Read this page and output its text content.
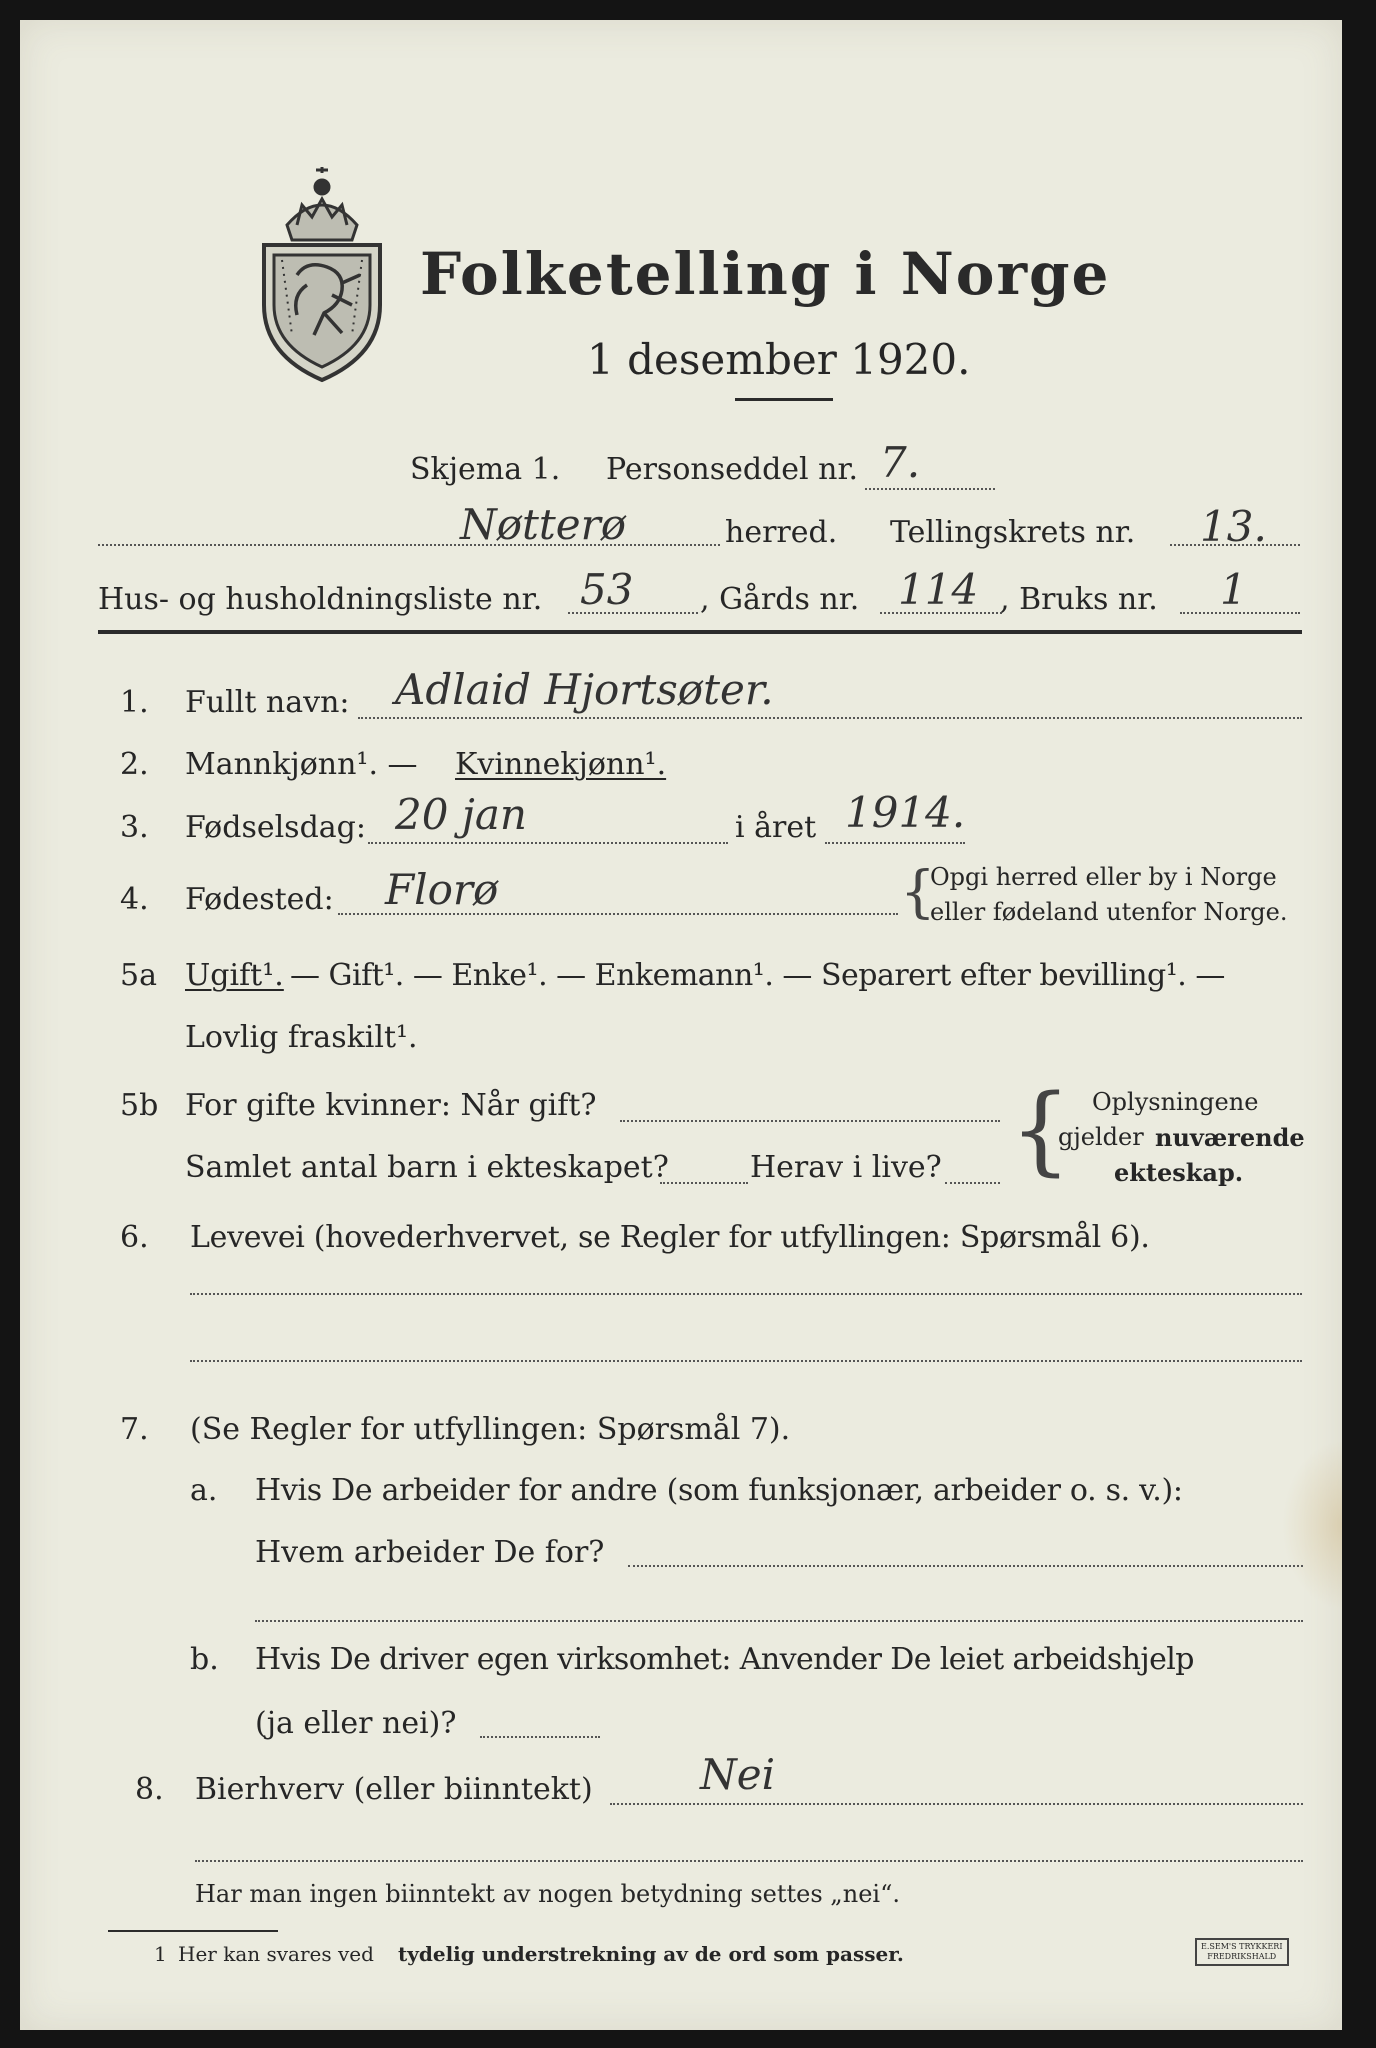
Folketelling i Norge
1 desember 1920.
Skjema 1. Personseddel nr. 7.
Nøtterø	herred. Tellingskrets nr. 13.
Hus- og husholdningsliste nr. 53 , Gårds nr. 114 , Bruks nr. 1
1. Fullt navn: Adlaid Hjortsøter.
2. Mannkjønn¹. — Kvinnekjønn¹.
3. Fødselsdag: 20 jan	i året 1914.
4. Fødested: Florø	{
Opgi herred eller by i Norge
eller fødeland utenfor Norge.
5a Ugift¹. — Gift¹. — Enke¹. — Enkemann¹. — Separert efter bevilling¹. —
Lovlig fraskilt¹.
5b For gifte kvinner: Når gift?
Samlet antal barn i ekteskapet?	Herav i live? { Oplysningene
gjelder nuværende
ekteskap.
6. Levevei (hovederhvervet, se Regler for utfyllingen: Spørsmål 6).
7. (Se Regler for utfyllingen: Spørsmål 7).
a. Hvis De arbeider for andre (som funksjonær, arbeider o. s. v.):
Hvem arbeider De for?
b. Hvis De driver egen virksomhet: Anvender De leiet arbeidshjelp
(ja eller nei)?
8. Bierhverv (eller biinntekt)	Nei
Har man ingen biinntekt av nogen betydning settes „nei“.
1 Her kan svares ved tydelig understrekning av de ord som passer.	E.SEM'S TRYKKERI
FREDRIKSHALD
